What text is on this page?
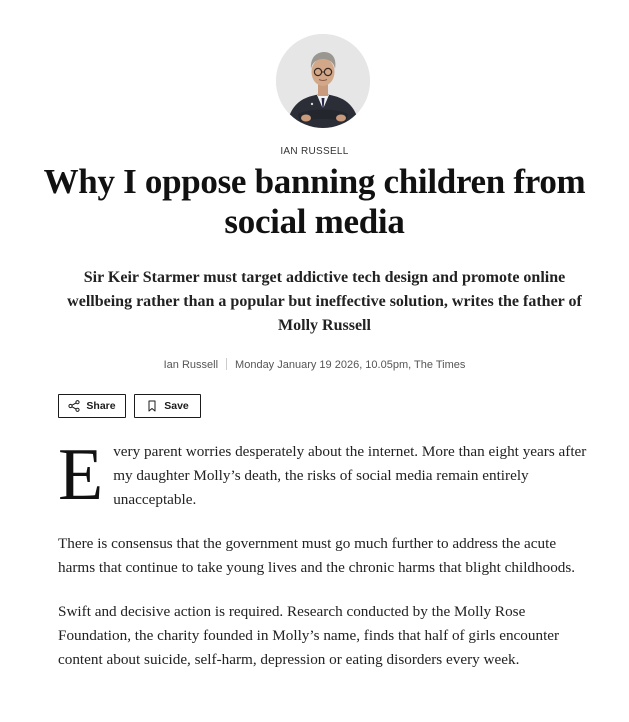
IAN RUSSELL
Why I oppose banning children from social media

Sir Keir Starmer must target addictive tech design and promote online wellbeing rather than a popular but ineffective solution, writes the father of Molly Russell

Ian Russell Monday January 19 2026, 10.05pm, The Times
Share	Save

Every parent worries desperately about the internet. More than eight years after my daughter Molly’s death, the risks of social media remain entirely unacceptable.

There is consensus that the government must go much further to address the acute harms that continue to take young lives and the chronic harms that blight childhoods.

Swift and decisive action is required. Research conducted by the Molly Rose Foundation, the charity founded in Molly’s name, finds that half of girls encounter content about suicide, self-harm, depression or eating disorders every week.
